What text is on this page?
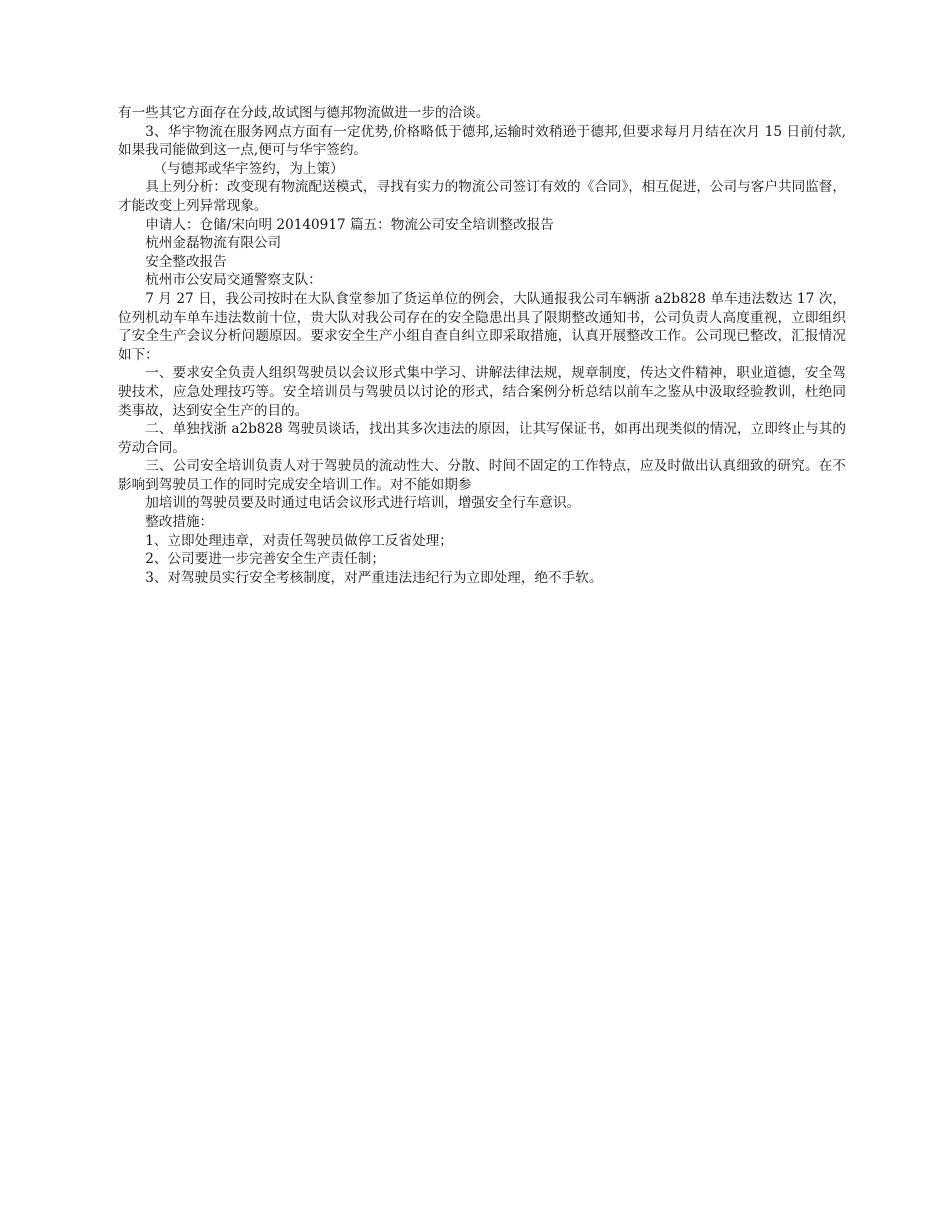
有一些其它方面存在分歧,故试图与德邦物流做进一步的洽谈。

3、华宇物流在服务网点方面有一定优势,价格略低于德邦,运输时效稍逊于德邦,但要求每月月结在次月 15 日前付款,如果我司能做到这一点,便可与华宇签约。

（与德邦或华宇签约，为上策）

具上列分析：改变现有物流配送模式，寻找有实力的物流公司签订有效的《合同》，相互促进，公司与客户共同监督，才能改变上列异常现象。

申请人：仓储/宋向明 20140917 篇五：物流公司安全培训整改报告

杭州金磊物流有限公司

安全整改报告

杭州市公安局交通警察支队：

7 月 27 日，我公司按时在大队食堂参加了货运单位的例会，大队通报我公司车辆浙 a2b828 单车违法数达 17 次，位列机动车单车违法数前十位，贵大队对我公司存在的安全隐患出具了限期整改通知书，公司负责人高度重视，立即组织了安全生产会议分析问题原因。要求安全生产小组自查自纠立即采取措施，认真开展整改工作。公司现已整改，汇报情况如下：

一、要求安全负责人组织驾驶员以会议形式集中学习、讲解法律法规，规章制度，传达文件精神，职业道德，安全驾驶技术，应急处理技巧等。安全培训员与驾驶员以讨论的形式，结合案例分析总结以前车之鉴从中汲取经验教训，杜绝同类事故，达到安全生产的目的。

二、单独找浙 a2b828 驾驶员谈话，找出其多次违法的原因，让其写保证书，如再出现类似的情况，立即终止与其的劳动合同。

三、公司安全培训负责人对于驾驶员的流动性大、分散、时间不固定的工作特点，应及时做出认真细致的研究。在不影响到驾驶员工作的同时完成安全培训工作。对不能如期参

加培训的驾驶员要及时通过电话会议形式进行培训，增强安全行车意识。

整改措施：

1、立即处理违章，对责任驾驶员做停工反省处理；

2、公司要进一步完善安全生产责任制；

3、对驾驶员实行安全考核制度，对严重违法违纪行为立即处理，绝不手软。
